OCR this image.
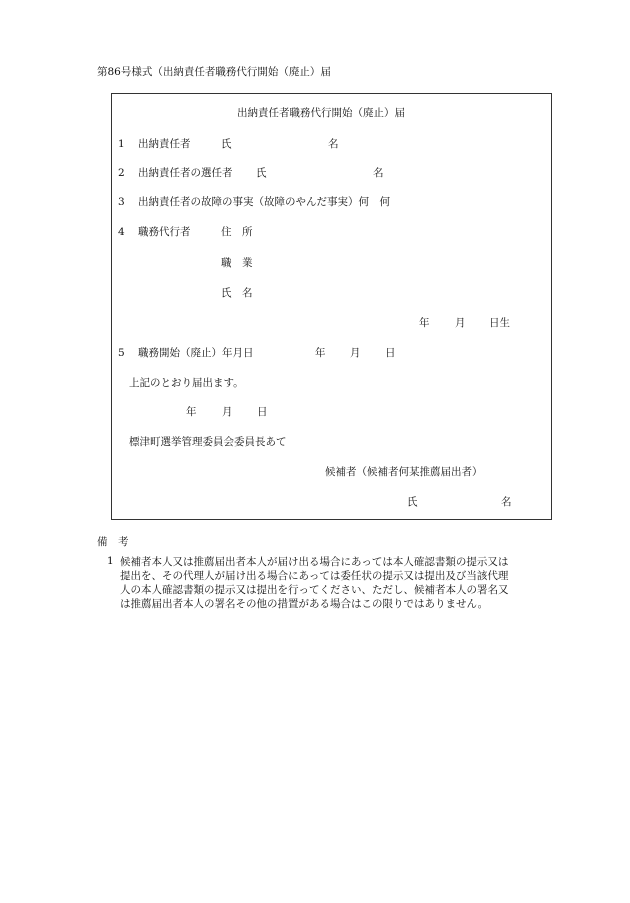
第86号様式（出納責任者職務代行開始（廃止）届
出納責任者職務代行開始（廃止）届
1 出納責任者	氏	名
2 出納責任者の選任者 氏	名
3 出納責任者の故障の事実（故障のやんだ事実）何　何
4 職務代行者	住　所
職　業
氏　名
年 月 日生
5 職務開始（廃止）年月日	年 月 日
上記のとおり届出ます。
年 月 日
標津町選挙管理委員会委員長あて
候補者（候補者何某推薦届出者）
氏	名
備　考
1 候補者本人又は推薦届出者本人が届け出る場合にあっては本人確認書類の提示又は
提出を、その代理人が届け出る場合にあっては委任状の提示又は提出及び当該代理
人の本人確認書類の提示又は提出を行ってください、ただし、候補者本人の署名又
は推薦届出者本人の署名その他の措置がある場合はこの限りではありません。
